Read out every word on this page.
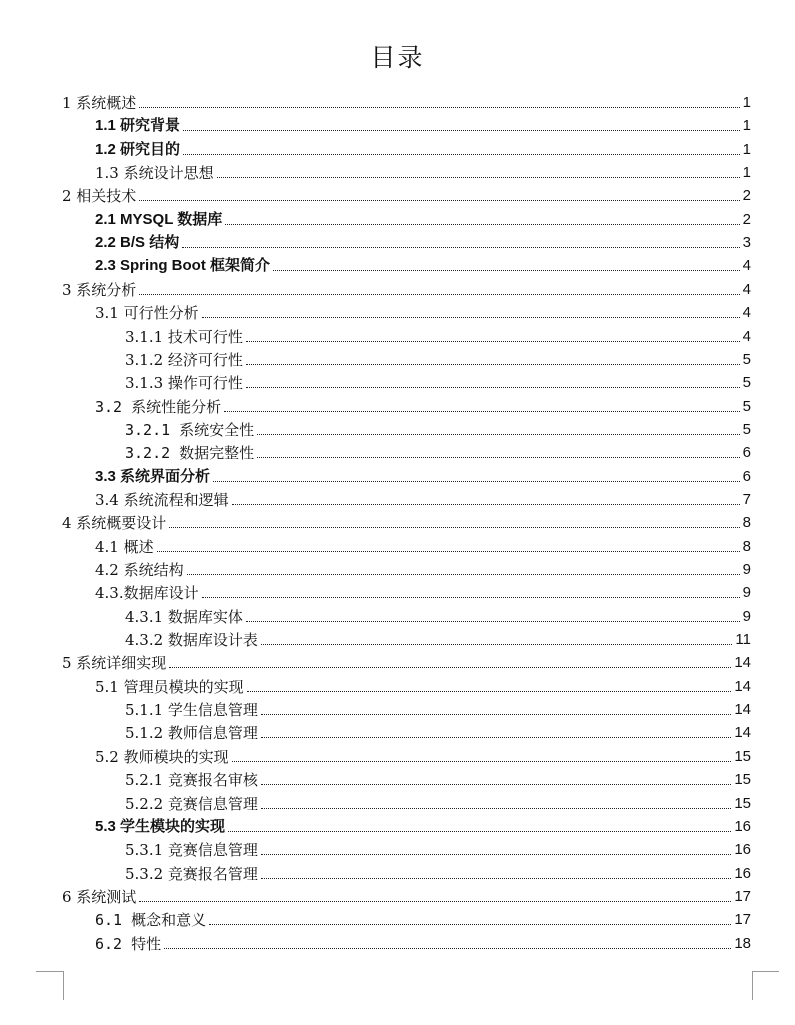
目录
1 系统概述	1
1.1 研究背景	1
1.2 研究目的	1
1.3 系统设计思想	1
2 相关技术	2
2.1 MYSQL 数据库	2
2.2 B/S 结构	3
2.3 Spring Boot 框架简介	4
3 系统分析	4
3.1 可行性分析	4
3.1.1 技术可行性	4
3.1.2 经济可行性	5
3.1.3 操作可行性	5
3.2 系统性能分析	5
3.2.1 系统安全性	5
3.2.2 数据完整性	6
3.3 系统界面分析	6
3.4 系统流程和逻辑	7
4 系统概要设计	8
4.1 概述	8
4.2 系统结构	9
4.3.数据库设计	9
4.3.1 数据库实体	9
4.3.2 数据库设计表	11
5 系统详细实现	14
5.1 管理员模块的实现	14
5.1.1 学生信息管理	14
5.1.2 教师信息管理	14
5.2 教师模块的实现	15
5.2.1 竞赛报名审核	15
5.2.2 竞赛信息管理	15
5.3 学生模块的实现	16
5.3.1 竞赛信息管理	16
5.3.2 竞赛报名管理	16
6 系统测试	17
6.1 概念和意义	17
6.2 特性	18
